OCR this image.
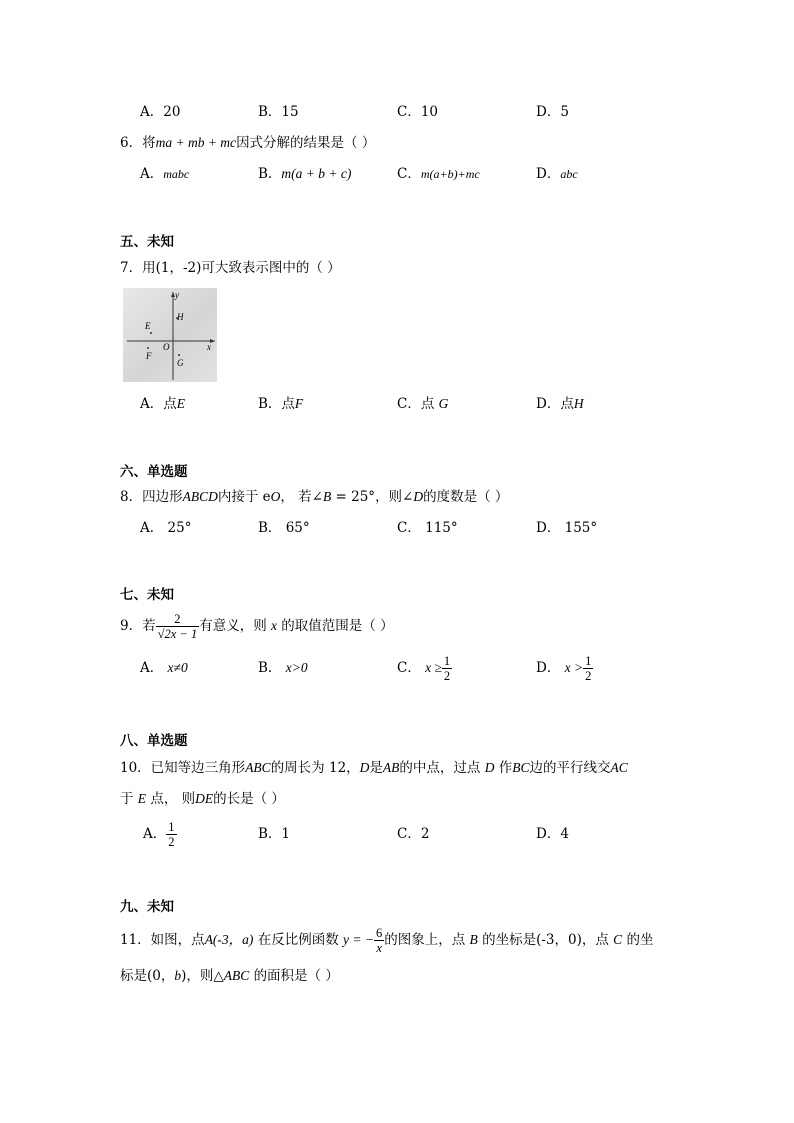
A．20	B．15	C．10	D．5
6．将ma + mb + mc因式分解的结果是（ ）
A．mabc	B．m(a + b + c)	C．m(a+b)+mc	D．abc
五、未知
7．用(1，-2)可大致表示图中的（ ）
y
x
O
E
H
F
G
A．点E	B．点F	C．点 G	D．点H
六、单选题
8．四边形ABCD内接于 eO， 若∠B = 25°，则∠D的度数是（ ）
A． 25°	B． 65°	C． 115°	D． 155°
七、未知
9．若 $\frac{2}{√2x - 1}$ 有意义，则 x 的取值范围是（ ）
A． x≠0	B． x>0	C． $x \ge \frac{1}{2}$	D． $x > \frac{1}{2}$
八、单选题
10．已知等边三角形ABC的周长为 12，D是AB的中点，过点 D 作BC边的平行线交AC
于 E 点， 则DE的长是（ ）
A． $\frac{1}{2}$	B．1	C．2	D．4
九、未知
11．如图，点A(-3，a) 在反比例函数 y = − $\frac{6}{x}$ 的图象上，点 B 的坐标是(-3，0)，点 C 的坐
标是(0，b)，则△ABC 的面积是（ ）
